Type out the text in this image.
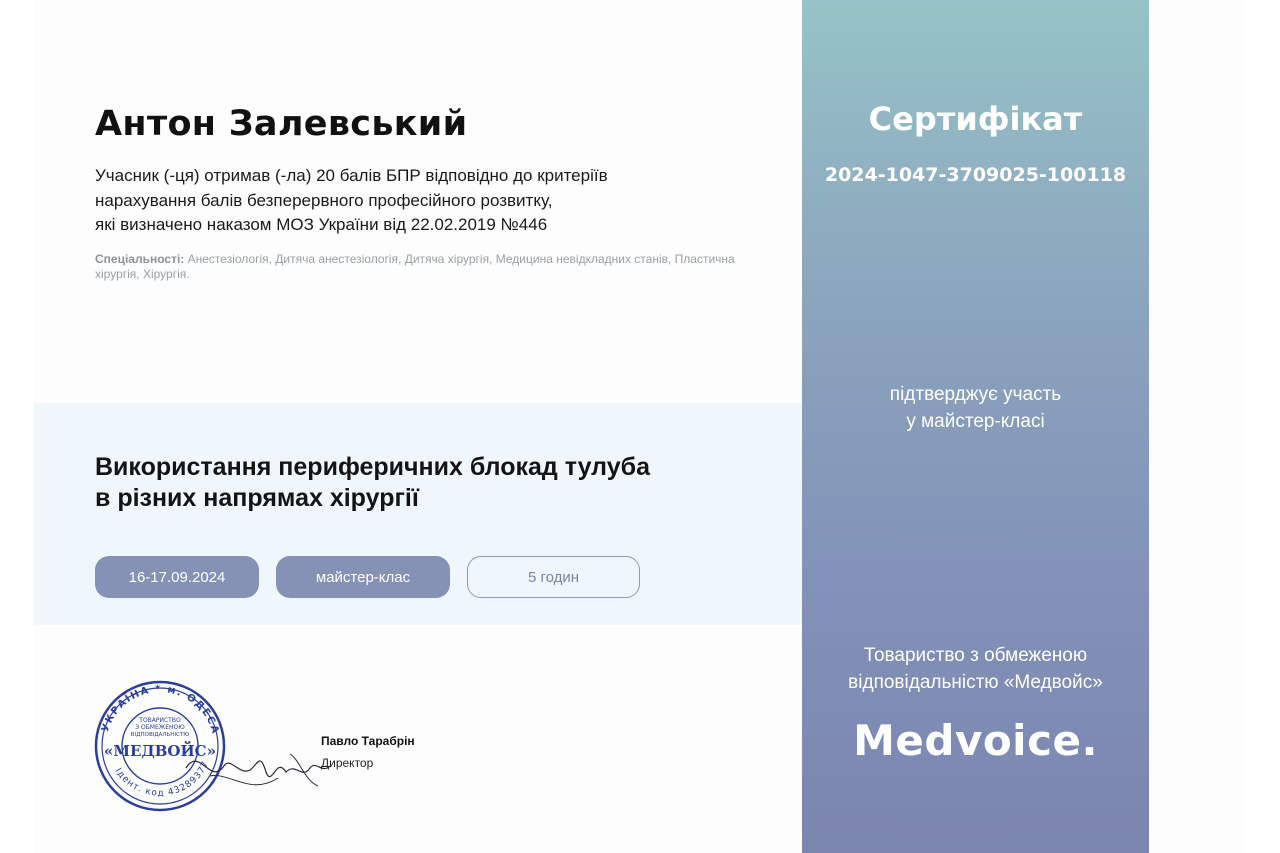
Антон Залевський
Учасник (-ця) отримав (-ла) 20 балів БПР відповідно до критеріїв
нарахування балів безперервного професійного розвитку,
які визначено наказом МОЗ України від 22.02.2019 №446
Спеціальності: Анестезіологія, Дитяча анестезіологія, Дитяча хірургія, Медицина невідкладних станів, Пластична хірургія, Хірургія.
Використання периферичних блокад тулуба
в різних напрямах хірургії
16-17.09.2024	майстер-клас	5 годин
УКРАЇНА * м. ОДЕСА
Ідент. код 43289377
ТОВАРИСТВО
З ОБМЕЖЕНОЮ
ВІДПОВІДАЛЬНІСТЮ
«МЕДВОЙС»
Павло Тарабрін
Директор
Сертифікат
2024-1047-3709025-100118
підтверджує участь
у майстер-класі
Товариство з обмеженою
відповідальністю «Медвойс»
Medvoice.
